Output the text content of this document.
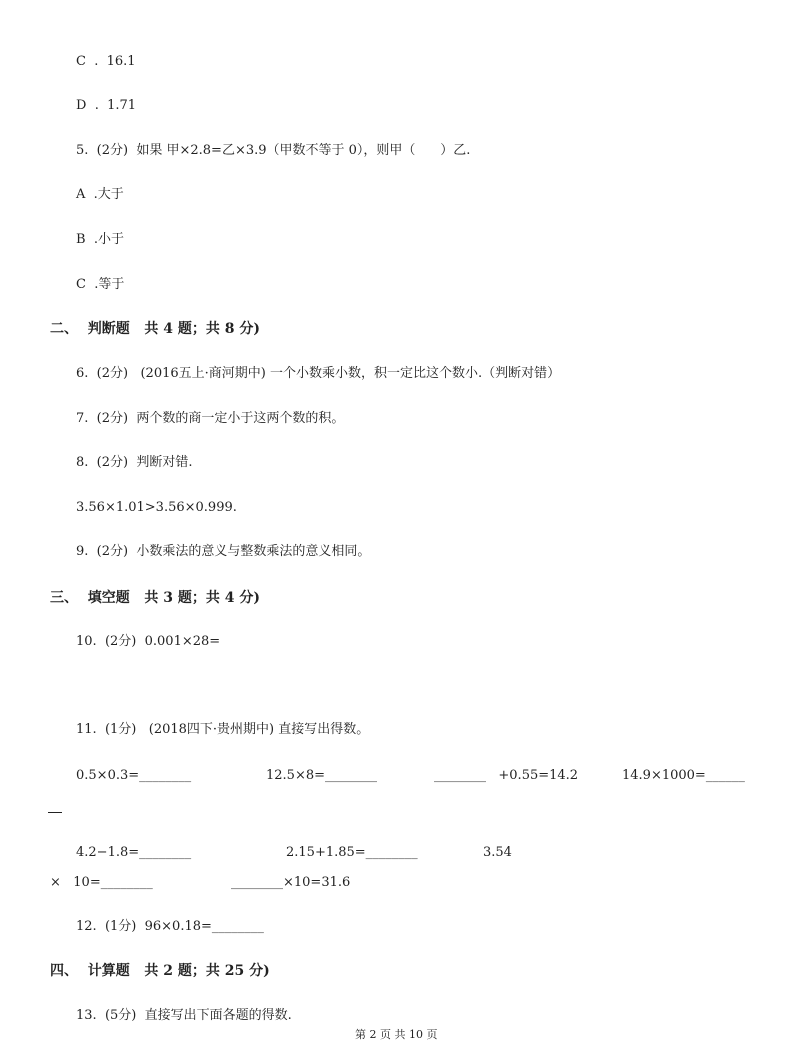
C  .  16.1
D  .  1.71
5.  (2分)  如果 甲×2.8=乙×3.9（甲数不等于 0），则甲（      ）乙.
A  .大于
B  .小于
C  .等于
二、  判断题   共 4 题；共 8 分)
6.  (2分)   (2016五上·商河期中) 一个小数乘小数，积一定比这个数小.（判断对错）
7.  (2分)  两个数的商一定小于这两个数的积。
8.  (2分)  判断对错.
3.56×1.01>3.56×0.999.
9.  (2分)  小数乘法的意义与整数乘法的意义相同。
三、  填空题   共 3 题；共 4 分)
10.  (2分)  0.001×28=
11.  (1分)   (2018四下·贵州期中) 直接写出得数。
0.5×0.3=________	12.5×8=________	________   +0.55=14.2	14.9×1000=______
4.2−1.8=________	2.15+1.85=________	3.54
×   10=________	________×10=31.6
12.  (1分)  96×0.18=________
四、  计算题   共 2 题；共 25 分)
13.  (5分)  直接写出下面各题的得数.
第 2 页 共 10 页
